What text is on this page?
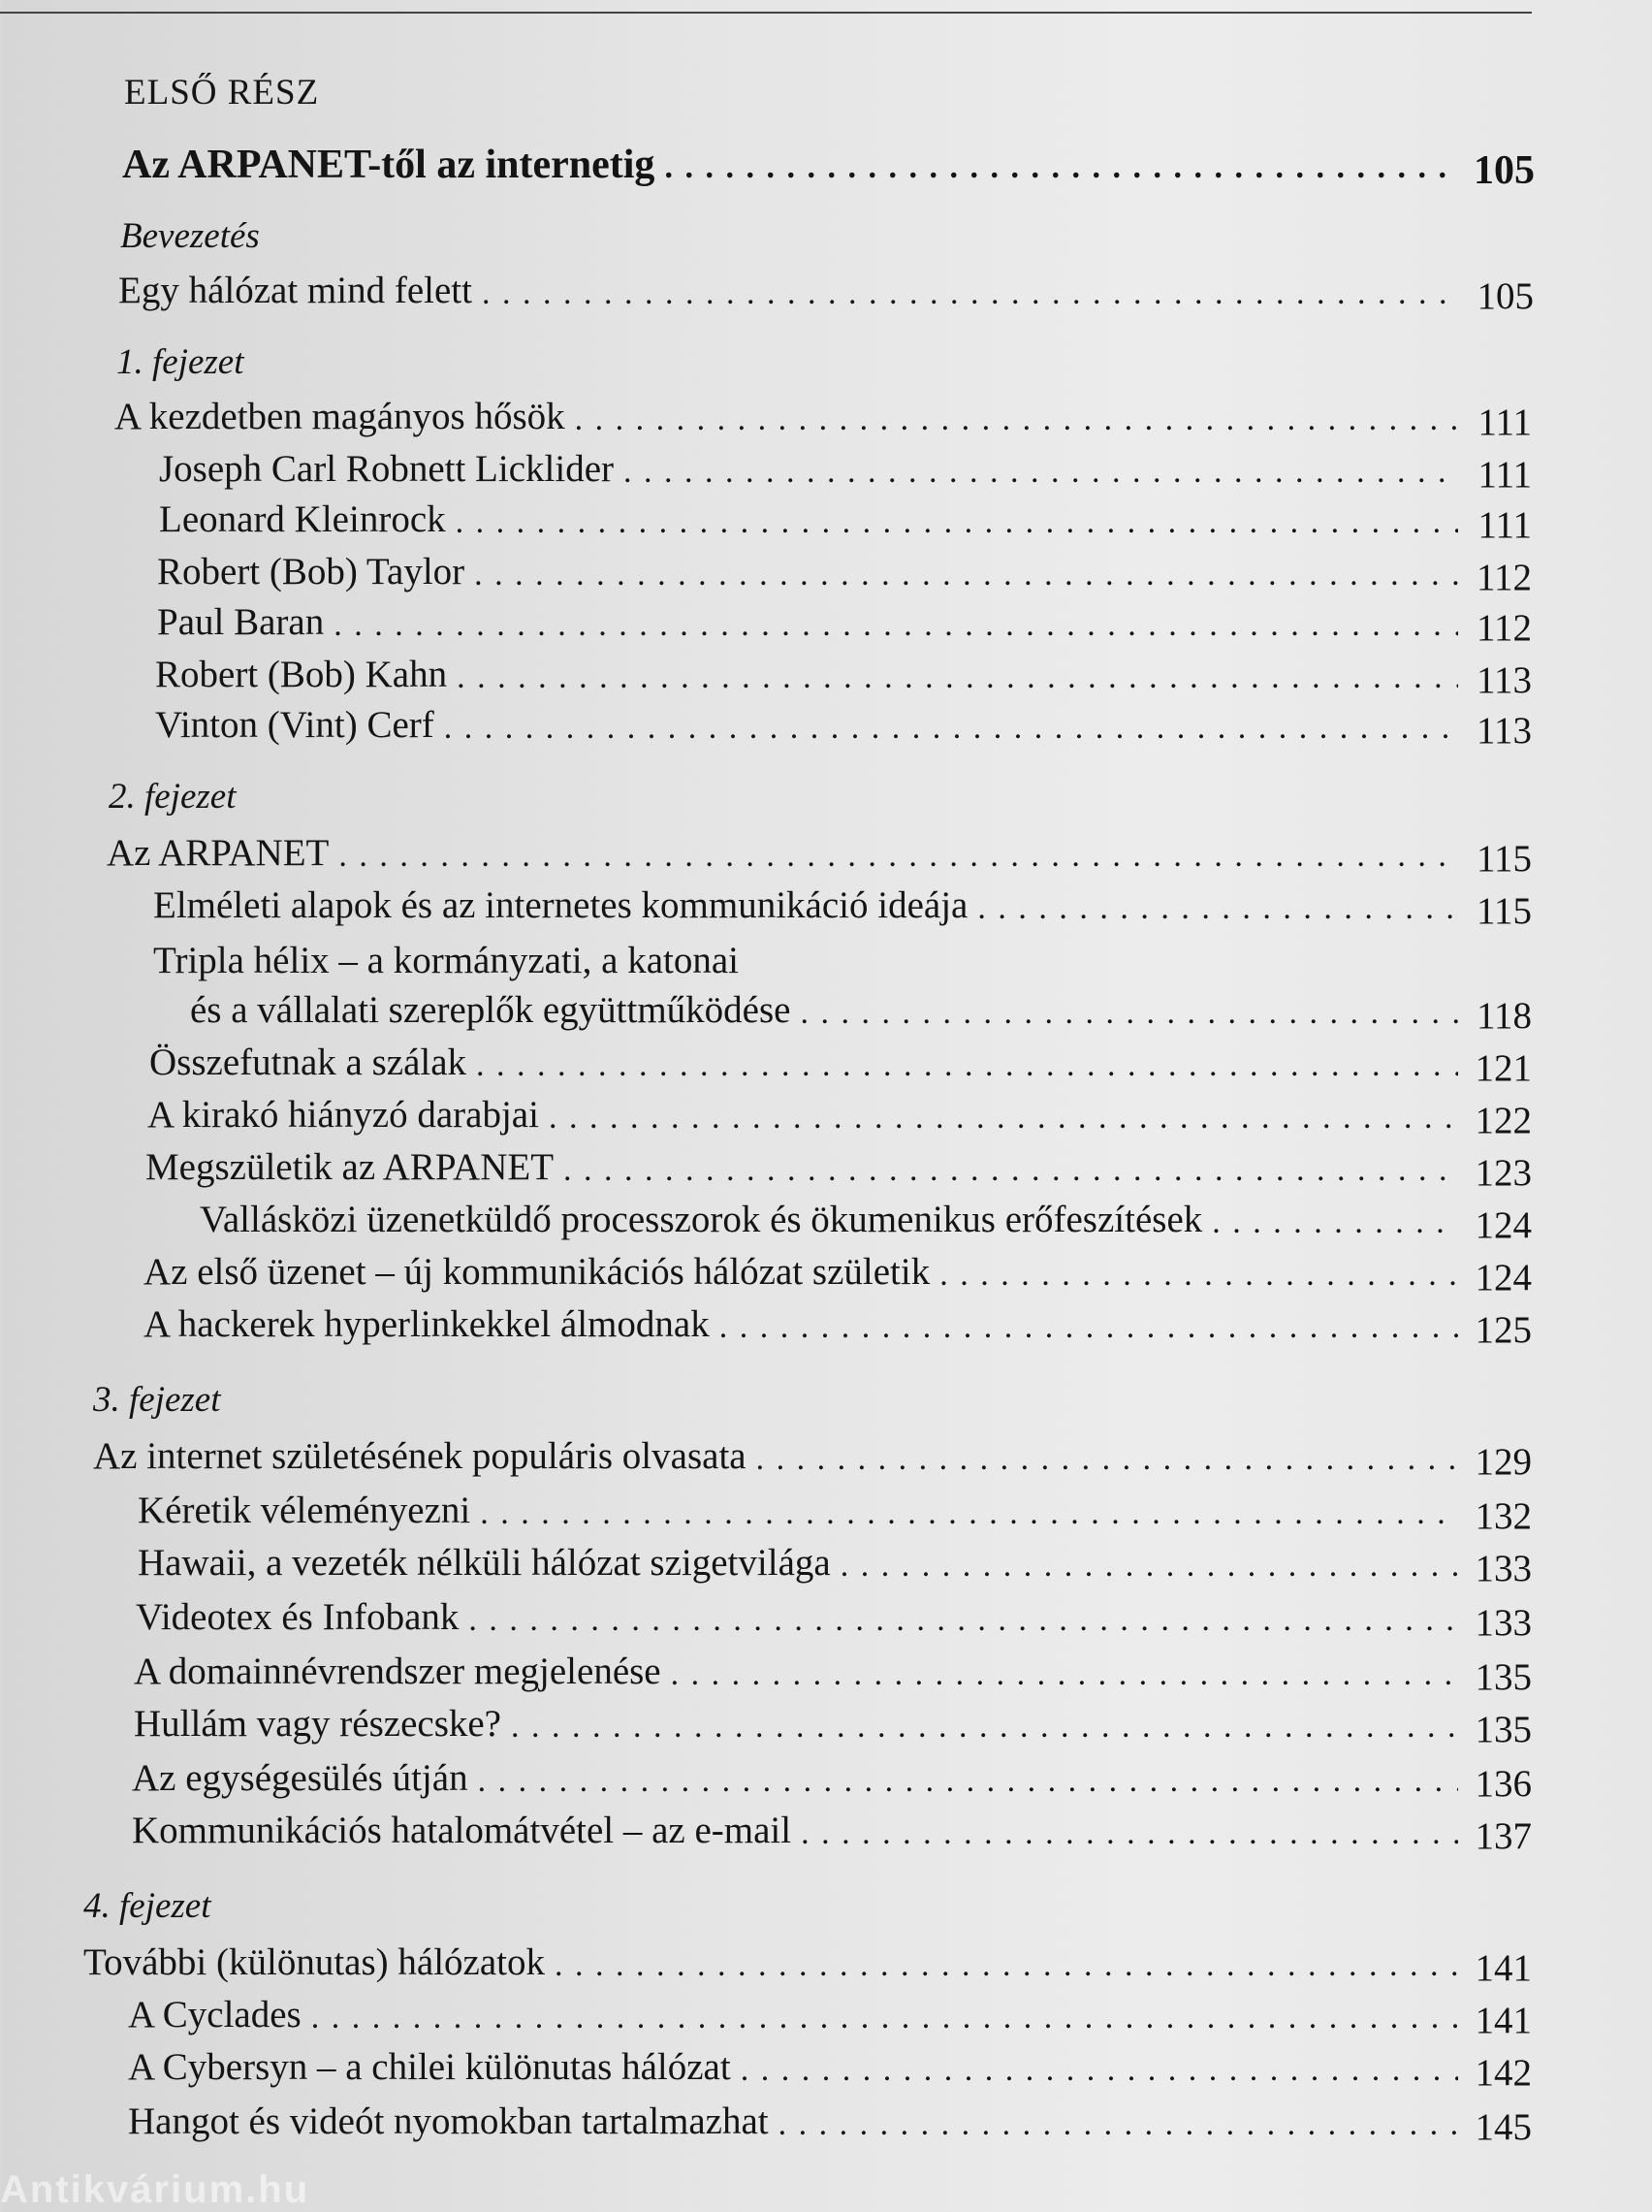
ELSŐ RÉSZ
Az ARPANET-től az internetig . . .	105
Bevezetés
Egy hálózat mind felett . . .	105
1. fejezet
A kezdetben magányos hősök . . .	111
Joseph Carl Robnett Licklider . . .	111
Leonard Kleinrock . . .	111
Robert (Bob) Taylor . . .	112
Paul Baran . . .	112
Robert (Bob) Kahn . . .	113
Vinton (Vint) Cerf . . .	113
2. fejezet
Az ARPANET . . .	115
Elméleti alapok és az internetes kommunikáció ideája . . .	115
Tripla hélix – a kormányzati, a katonai
és a vállalati szereplők együttműködése . . .	118
Összefutnak a szálak . . .	121
A kirakó hiányzó darabjai . . .	122
Megszületik az ARPANET . . .	123
Vallásközi üzenetküldő processzorok és ökumenikus erőfeszítések . . .	124
Az első üzenet – új kommunikációs hálózat születik . . .	124
A hackerek hyperlinkekkel álmodnak . . .	125
3. fejezet
Az internet születésének populáris olvasata . . .	129
Kéretik véleményezni . . .	132
Hawaii, a vezeték nélküli hálózat szigetvilága . . .	133
Videotex és Infobank . . .	133
A domainnévrendszer megjelenése . . .	135
Hullám vagy részecske? . . .	135
Az egységesülés útján . . .	136
Kommunikációs hatalomátvétel – az e-mail . . .	137
4. fejezet
További (különutas) hálózatok . . .	141
A Cyclades . . .	141
A Cybersyn – a chilei különutas hálózat . . .	142
Hangot és videót nyomokban tartalmazhat . . .	145
Antikvárium.hu
